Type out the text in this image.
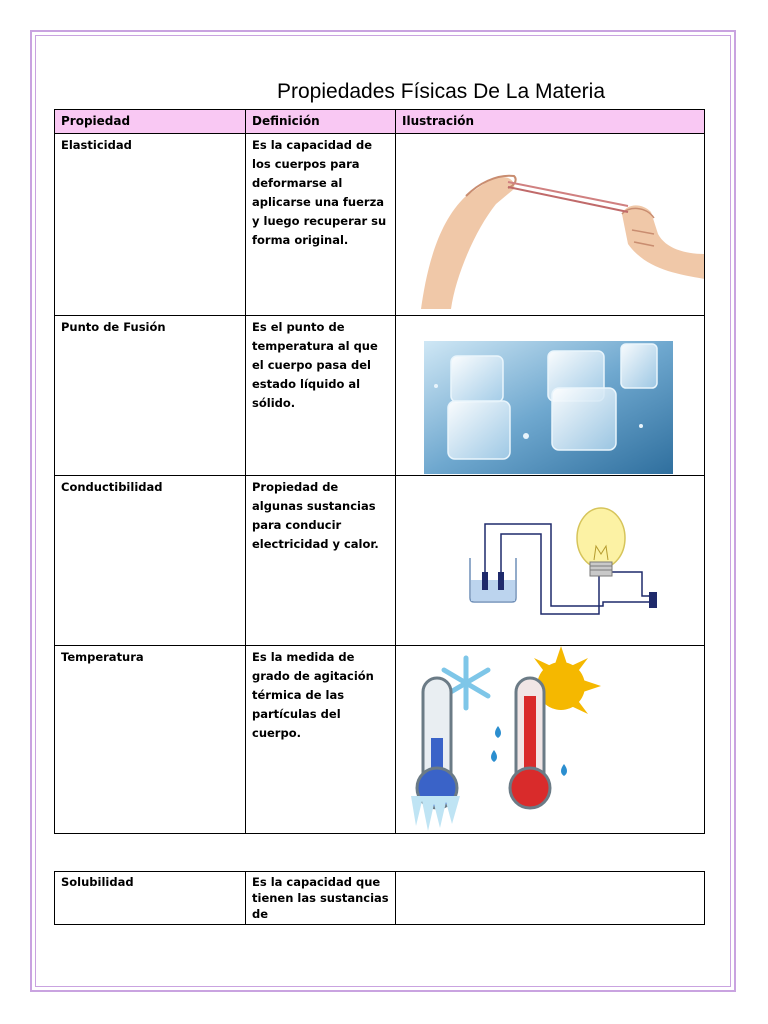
Propiedades Físicas De La Materia
Propiedad	Definición	Ilustración
Elasticidad	Es la capacidad de los cuerpos para deformarse al aplicarse una fuerza y luego recuperar su forma original.	

Punto de Fusión	Es el punto de temperatura al que el cuerpo pasa del estado líquido al sólido.	

Conductibilidad	Propiedad de algunas sustancias para conducir electricidad y calor.	

Temperatura	Es la medida de grado de agitación térmica de las partículas del cuerpo.	
Solubilidad	Es la capacidad que tienen las sustancias de	
